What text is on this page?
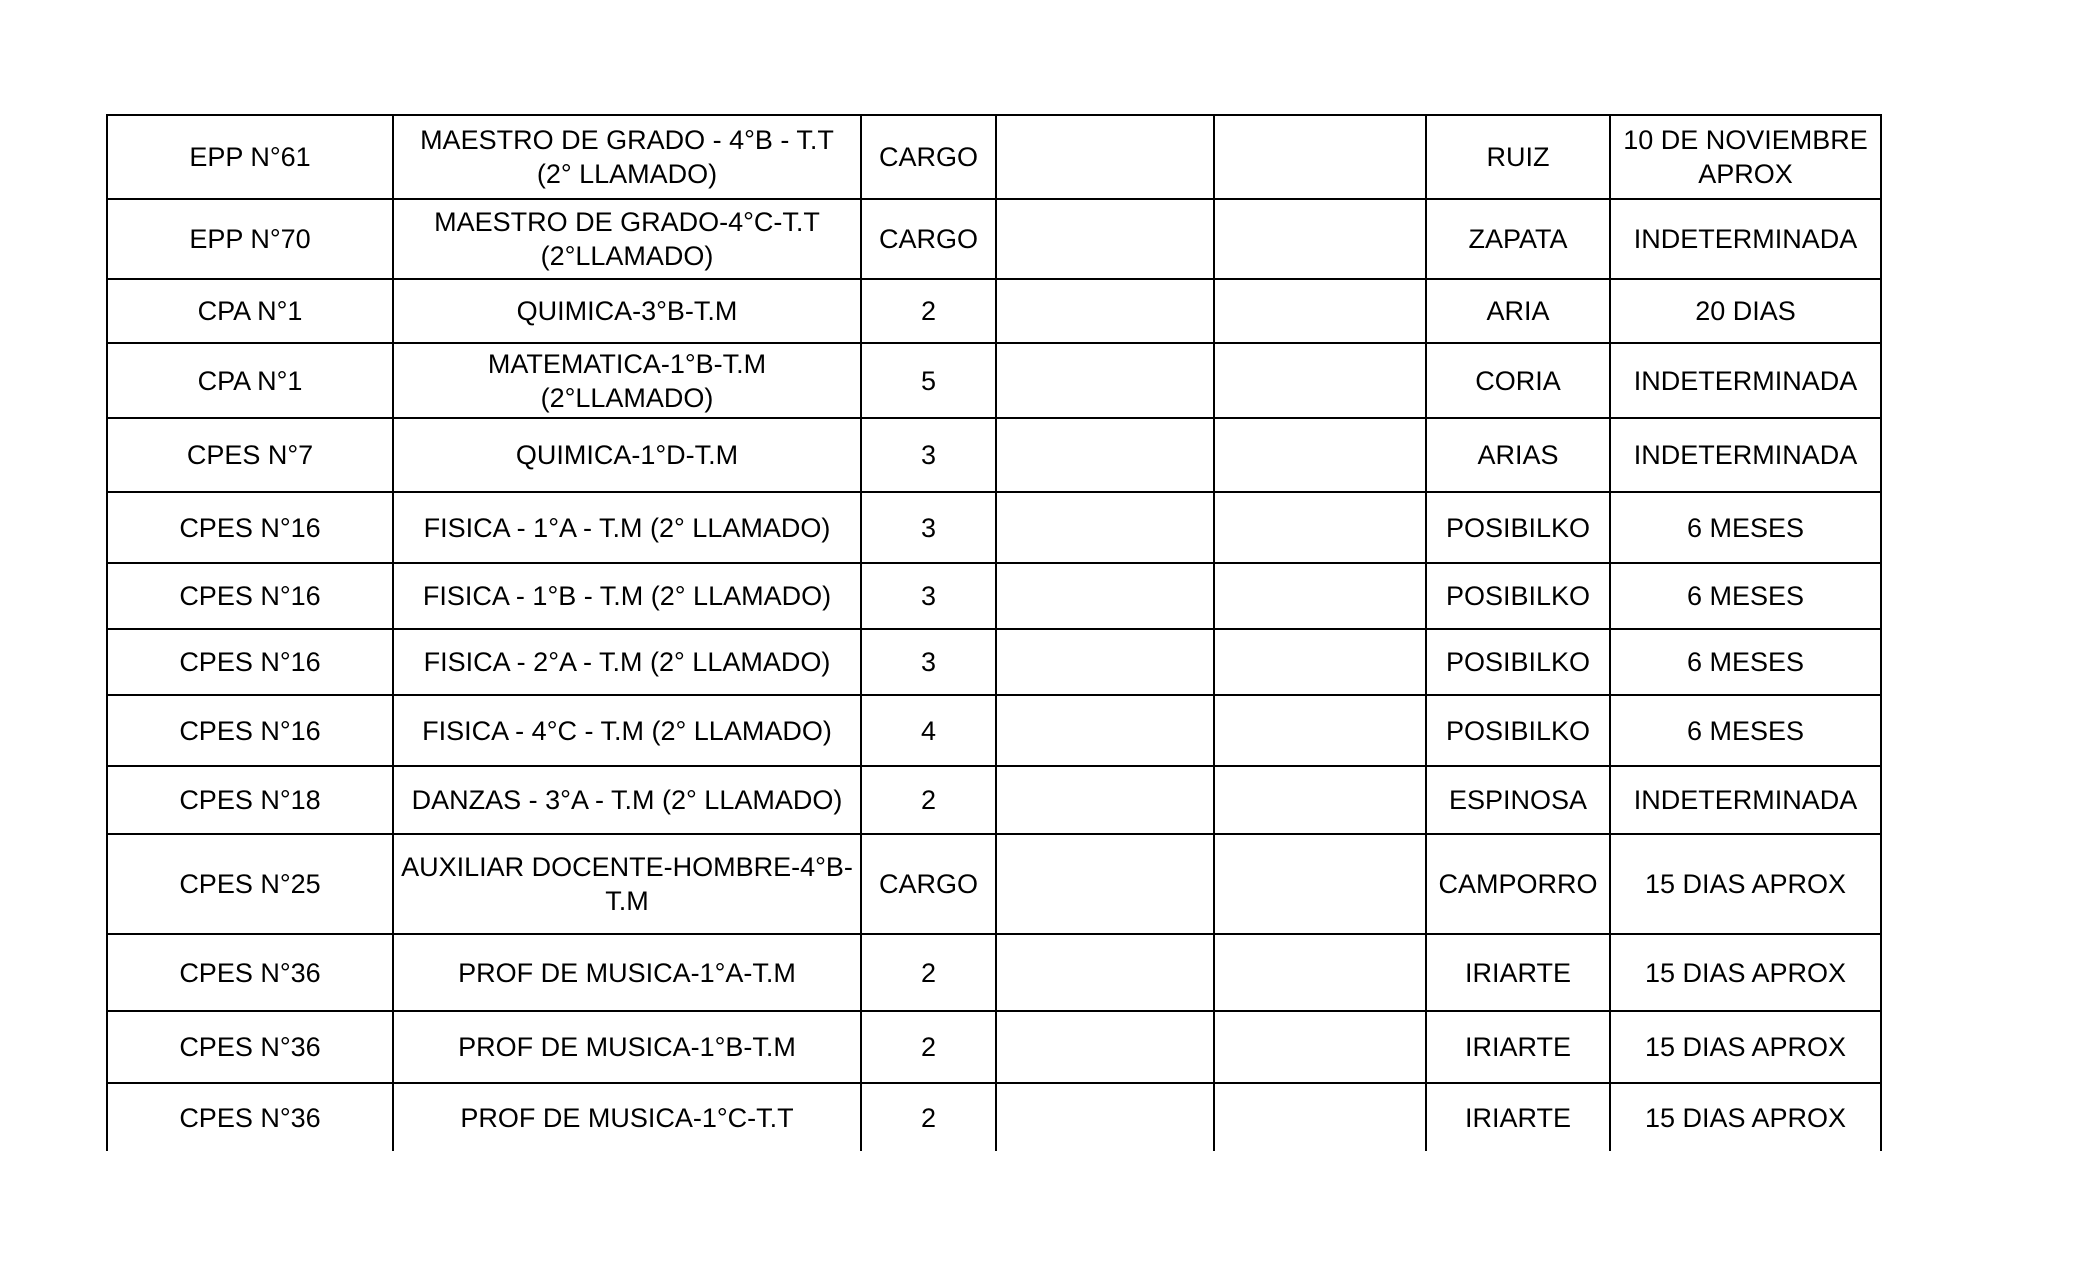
EPP N°61	MAESTRO DE GRADO - 4°B - T.T (2° LLAMADO)	CARGO			RUIZ	10 DE NOVIEMBRE APROX
EPP N°70	MAESTRO DE GRADO-4°C-T.T (2°LLAMADO)	CARGO			ZAPATA	INDETERMINADA
CPA N°1	QUIMICA-3°B-T.M	2			ARIA	20 DIAS
CPA N°1	MATEMATICA-1°B-T.M (2°LLAMADO)	5			CORIA	INDETERMINADA
CPES N°7	QUIMICA-1°D-T.M	3			ARIAS	INDETERMINADA
CPES N°16	FISICA - 1°A - T.M (2° LLAMADO)	3			POSIBILKO	6 MESES
CPES N°16	FISICA - 1°B - T.M (2° LLAMADO)	3			POSIBILKO	6 MESES
CPES N°16	FISICA - 2°A - T.M (2° LLAMADO)	3			POSIBILKO	6 MESES
CPES N°16	FISICA - 4°C - T.M (2° LLAMADO)	4			POSIBILKO	6 MESES
CPES N°18	DANZAS - 3°A - T.M (2° LLAMADO)	2			ESPINOSA	INDETERMINADA
CPES N°25	AUXILIAR DOCENTE-HOMBRE-4°B-T.M	CARGO			CAMPORRO	15 DIAS APROX
CPES N°36	PROF DE MUSICA-1°A-T.M	2			IRIARTE	15 DIAS APROX
CPES N°36	PROF DE MUSICA-1°B-T.M	2			IRIARTE	15 DIAS APROX
CPES N°36	PROF DE MUSICA-1°C-T.T	2			IRIARTE	15 DIAS APROX
